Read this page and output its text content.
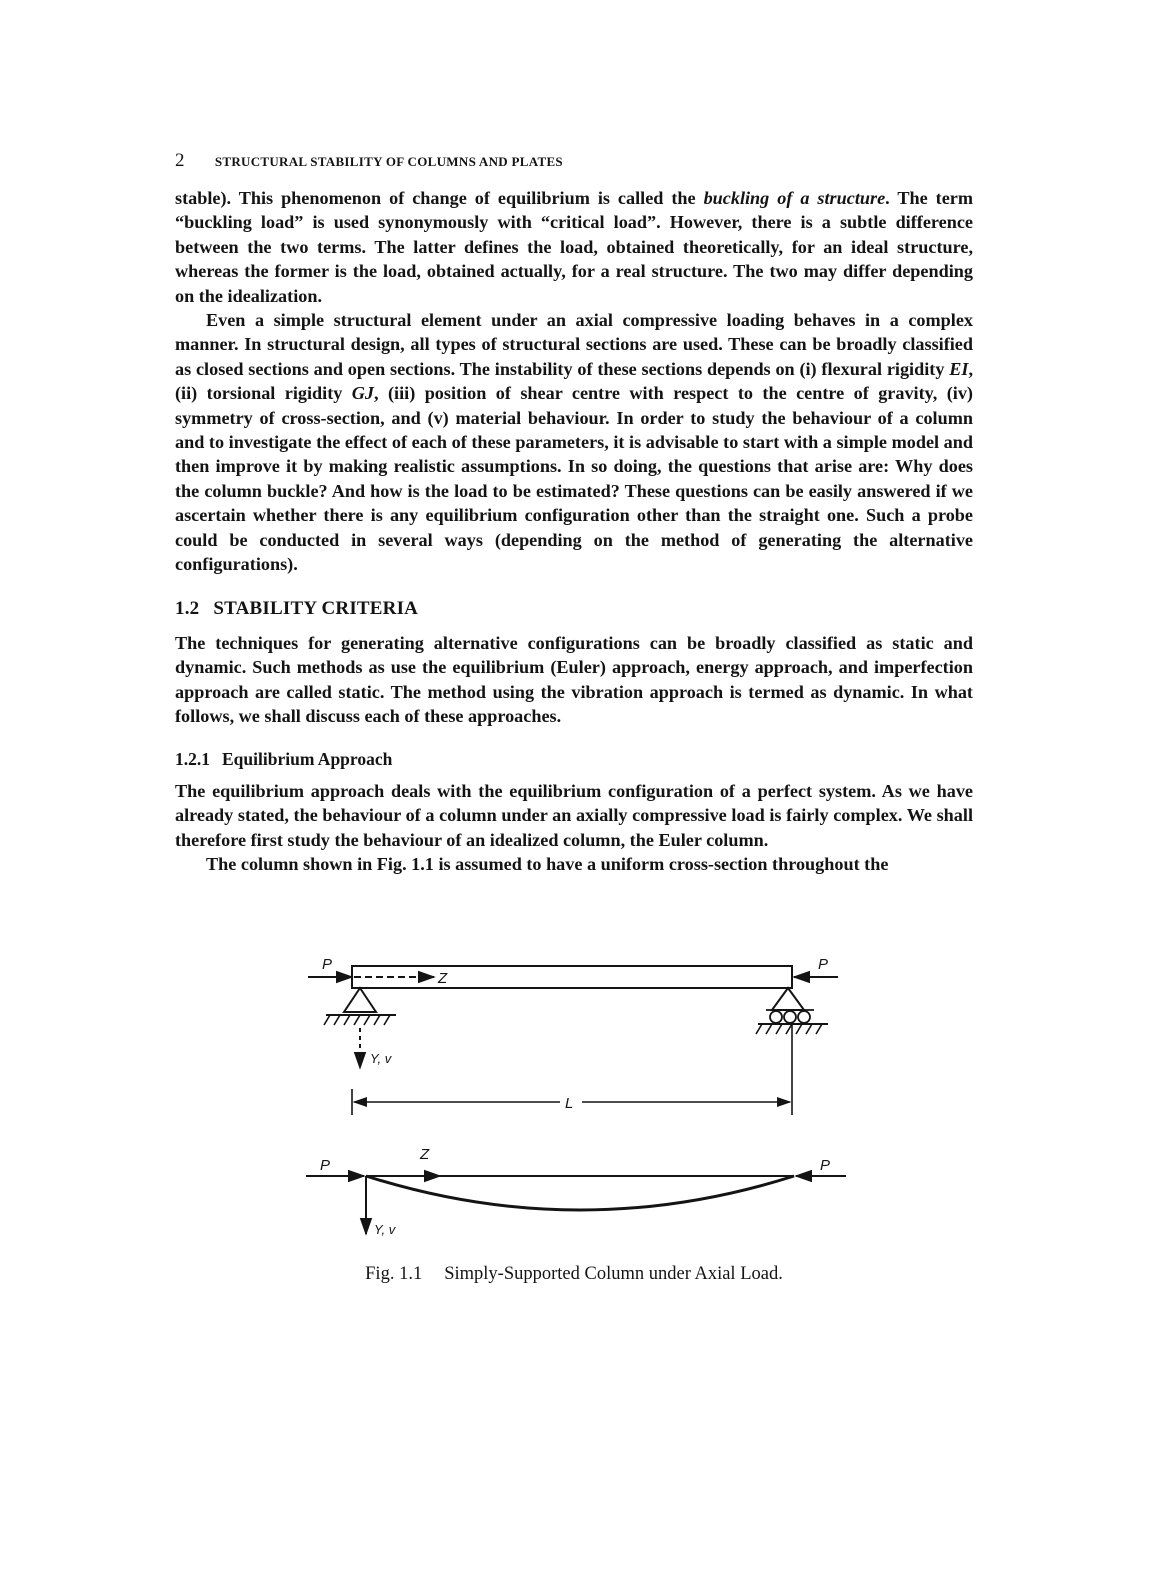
2 STRUCTURAL STABILITY OF COLUMNS AND PLATES

stable). This phenomenon of change of equilibrium is called the buckling of a structure. The term “buckling load” is used synonymously with “critical load”. However, there is a subtle difference between the two terms. The latter defines the load, obtained theoretically, for an ideal structure, whereas the former is the load, obtained actually, for a real structure. The two may differ depending on the idealization.

Even a simple structural element under an axial compressive loading behaves in a complex manner. In structural design, all types of structural sections are used. These can be broadly classified as closed sections and open sections. The instability of these sections depends on (i) flexural rigidity EI, (ii) torsional rigidity GJ, (iii) position of shear centre with respect to the centre of gravity, (iv) symmetry of cross-section, and (v) material behaviour. In order to study the behaviour of a column and to investigate the effect of each of these parameters, it is advisable to start with a simple model and then improve it by making realistic assumptions. In so doing, the questions that arise are: Why does the column buckle? And how is the load to be estimated? These questions can be easily answered if we ascertain whether there is any equilibrium configuration other than the straight one. Such a probe could be conducted in several ways (depending on the method of generating the alternative configurations).

1.2 STABILITY CRITERIA

The techniques for generating alternative configurations can be broadly classified as static and dynamic. Such methods as use the equilibrium (Euler) approach, energy approach, and imperfection approach are called static. The method using the vibration approach is termed as dynamic. In what follows, we shall discuss each of these approaches.

1.2.1 Equilibrium Approach

The equilibrium approach deals with the equilibrium configuration of a perfect system. As we have already stated, the behaviour of a column under an axially compressive load is fairly complex. We shall therefore first study the behaviour of an idealized column, the Euler column.

The column shown in Fig. 1.1 is assumed to have a uniform cross-section throughout the

P
Z
P
Y, v
L
P
Z
P
Y, v
Fig. 1.1 Simply-Supported Column under Axial Load.
